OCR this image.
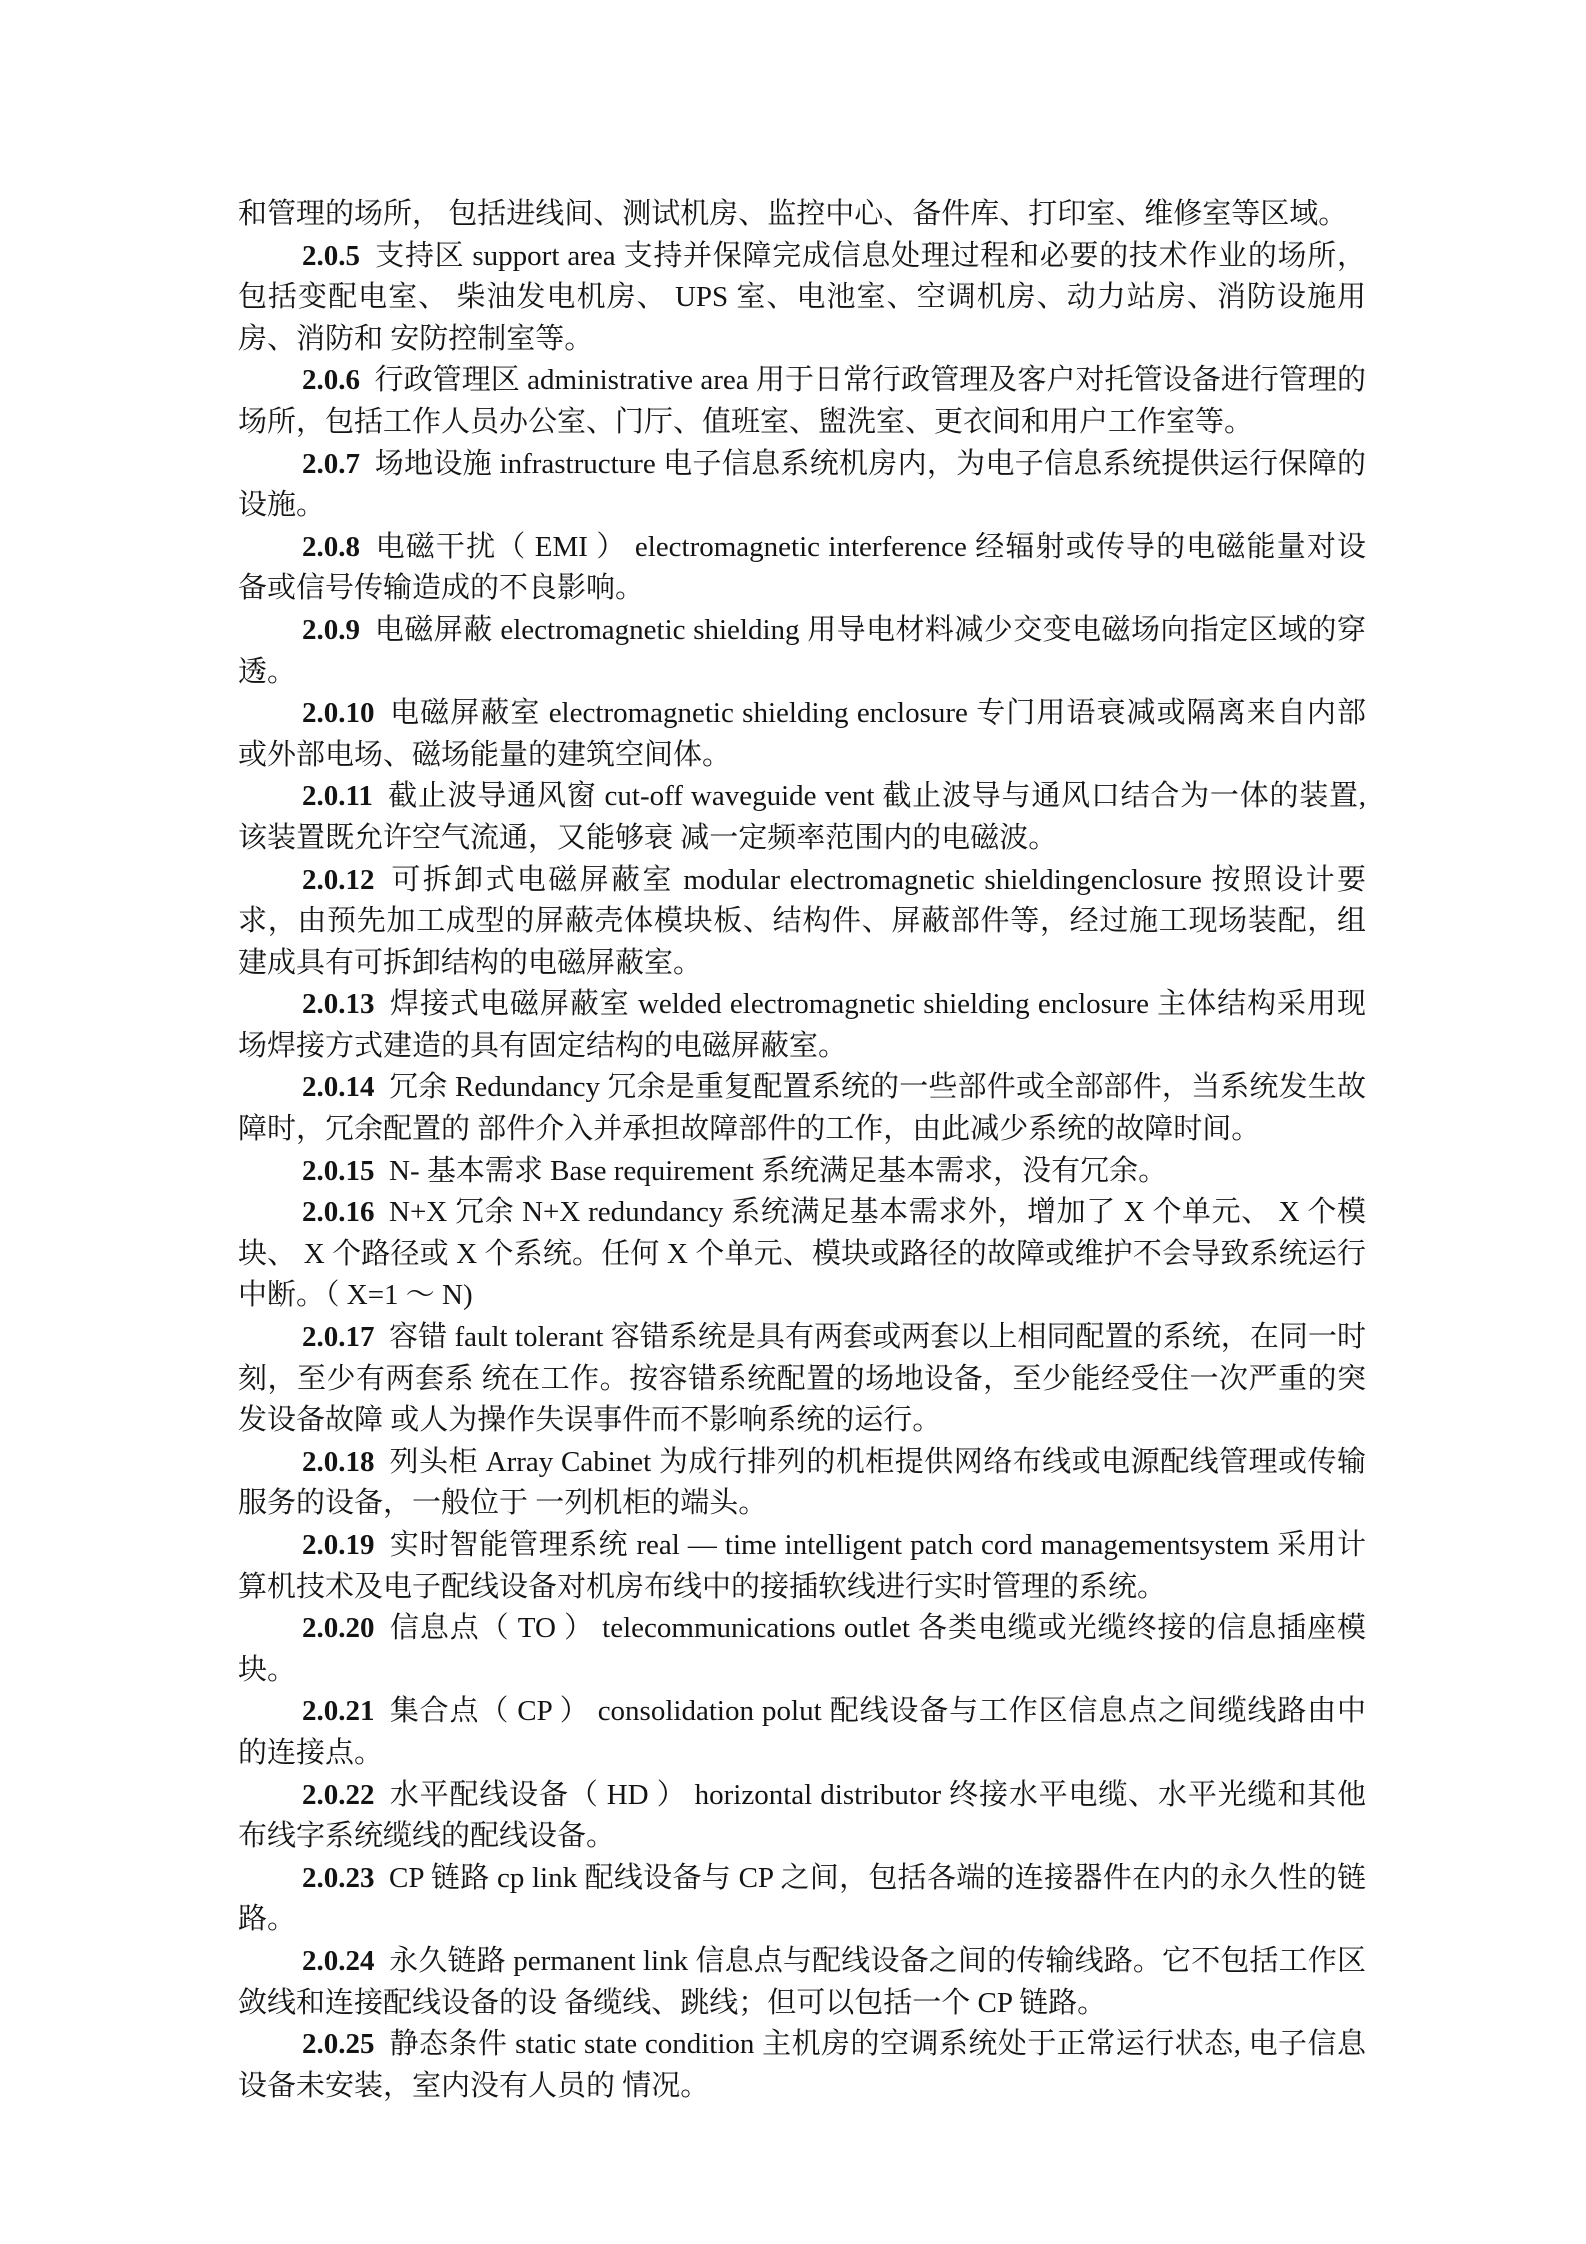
和管理的场所， 包括进线间、测试机房、监控中心、备件库、打印室、维修室等区域。

2.0.5 支持区 support area 支持并保障完成信息处理过程和必要的技术作业的场所，包括变配电室、 柴油发电机房、 UPS 室、电池室、空调机房、动力站房、消防设施用房、消防和 安防控制室等。

2.0.6 行政管理区 administrative area 用于日常行政管理及客户对托管设备进行管理的场所，包括工作人员办公室、门厅、值班室、盥洗室、更衣间和用户工作室等。

2.0.7 场地设施 infrastructure 电子信息系统机房内，为电子信息系统提供运行保障的设施。

2.0.8 电磁干扰（ EMI ） electromagnetic interference 经辐射或传导的电磁能量对设备或信号传输造成的不良影响。

2.0.9 电磁屏蔽 electromagnetic shielding 用导电材料减少交变电磁场向指定区域的穿透。

2.0.10 电磁屏蔽室 electromagnetic shielding enclosure 专门用语衰减或隔离来自内部或外部电场、磁场能量的建筑空间体。

2.0.11 截止波导通风窗 cut-off waveguide vent 截止波导与通风口结合为一体的装置, 该装置既允许空气流通，又能够衰 减一定频率范围内的电磁波。

2.0.12 可拆卸式电磁屏蔽室 modular electromagnetic shieldingenclosure 按照设计要求，由预先加工成型的屏蔽壳体模块板、结构件、屏蔽部件等，经过施工现场装配，组建成具有可拆卸结构的电磁屏蔽室。

2.0.13 焊接式电磁屏蔽室 welded electromagnetic shielding enclosure 主体结构采用现场焊接方式建造的具有固定结构的电磁屏蔽室。

2.0.14 冗余 Redundancy 冗余是重复配置系统的一些部件或全部部件，当系统发生故障时，冗余配置的 部件介入并承担故障部件的工作，由此减少系统的故障时间。

2.0.15 N- 基本需求 Base requirement 系统满足基本需求，没有冗余。

2.0.16 N+X 冗余 N+X redundancy 系统满足基本需求外，增加了 X 个单元、 X 个模块、 X 个路径或 X 个系统。任何 X 个单元、模块或路径的故障或维护不会导致系统运行中断。（ X=1 ～ N)

2.0.17 容错 fault tolerant 容错系统是具有两套或两套以上相同配置的系统，在同一时刻，至少有两套系 统在工作。按容错系统配置的场地设备，至少能经受住一次严重的突发设备故障 或人为操作失误事件而不影响系统的运行。

2.0.18 列头柜 Array Cabinet 为成行排列的机柜提供网络布线或电源配线管理或传输服务的设备，一般位于 一列机柜的端头。

2.0.19 实时智能管理系统 real — time intelligent patch cord managementsystem 采用计算机技术及电子配线设备对机房布线中的接插软线进行实时管理的系统。

2.0.20 信息点（ TO ） telecommunications outlet 各类电缆或光缆终接的信息插座模块。

2.0.21 集合点（ CP ） consolidation polut 配线设备与工作区信息点之间缆线路由中的连接点。

2.0.22 水平配线设备（ HD ） horizontal distributor 终接水平电缆、水平光缆和其他布线字系统缆线的配线设备。

2.0.23 CP 链路 cp link 配线设备与 CP 之间，包括各端的连接器件在内的永久性的链路。

2.0.24 永久链路 permanent link 信息点与配线设备之间的传输线路。它不包括工作区敛线和连接配线设备的设 备缆线、跳线；但可以包括一个 CP 链路。

2.0.25 静态条件 static state condition 主机房的空调系统处于正常运行状态, 电子信息设备未安装，室内没有人员的 情况。
